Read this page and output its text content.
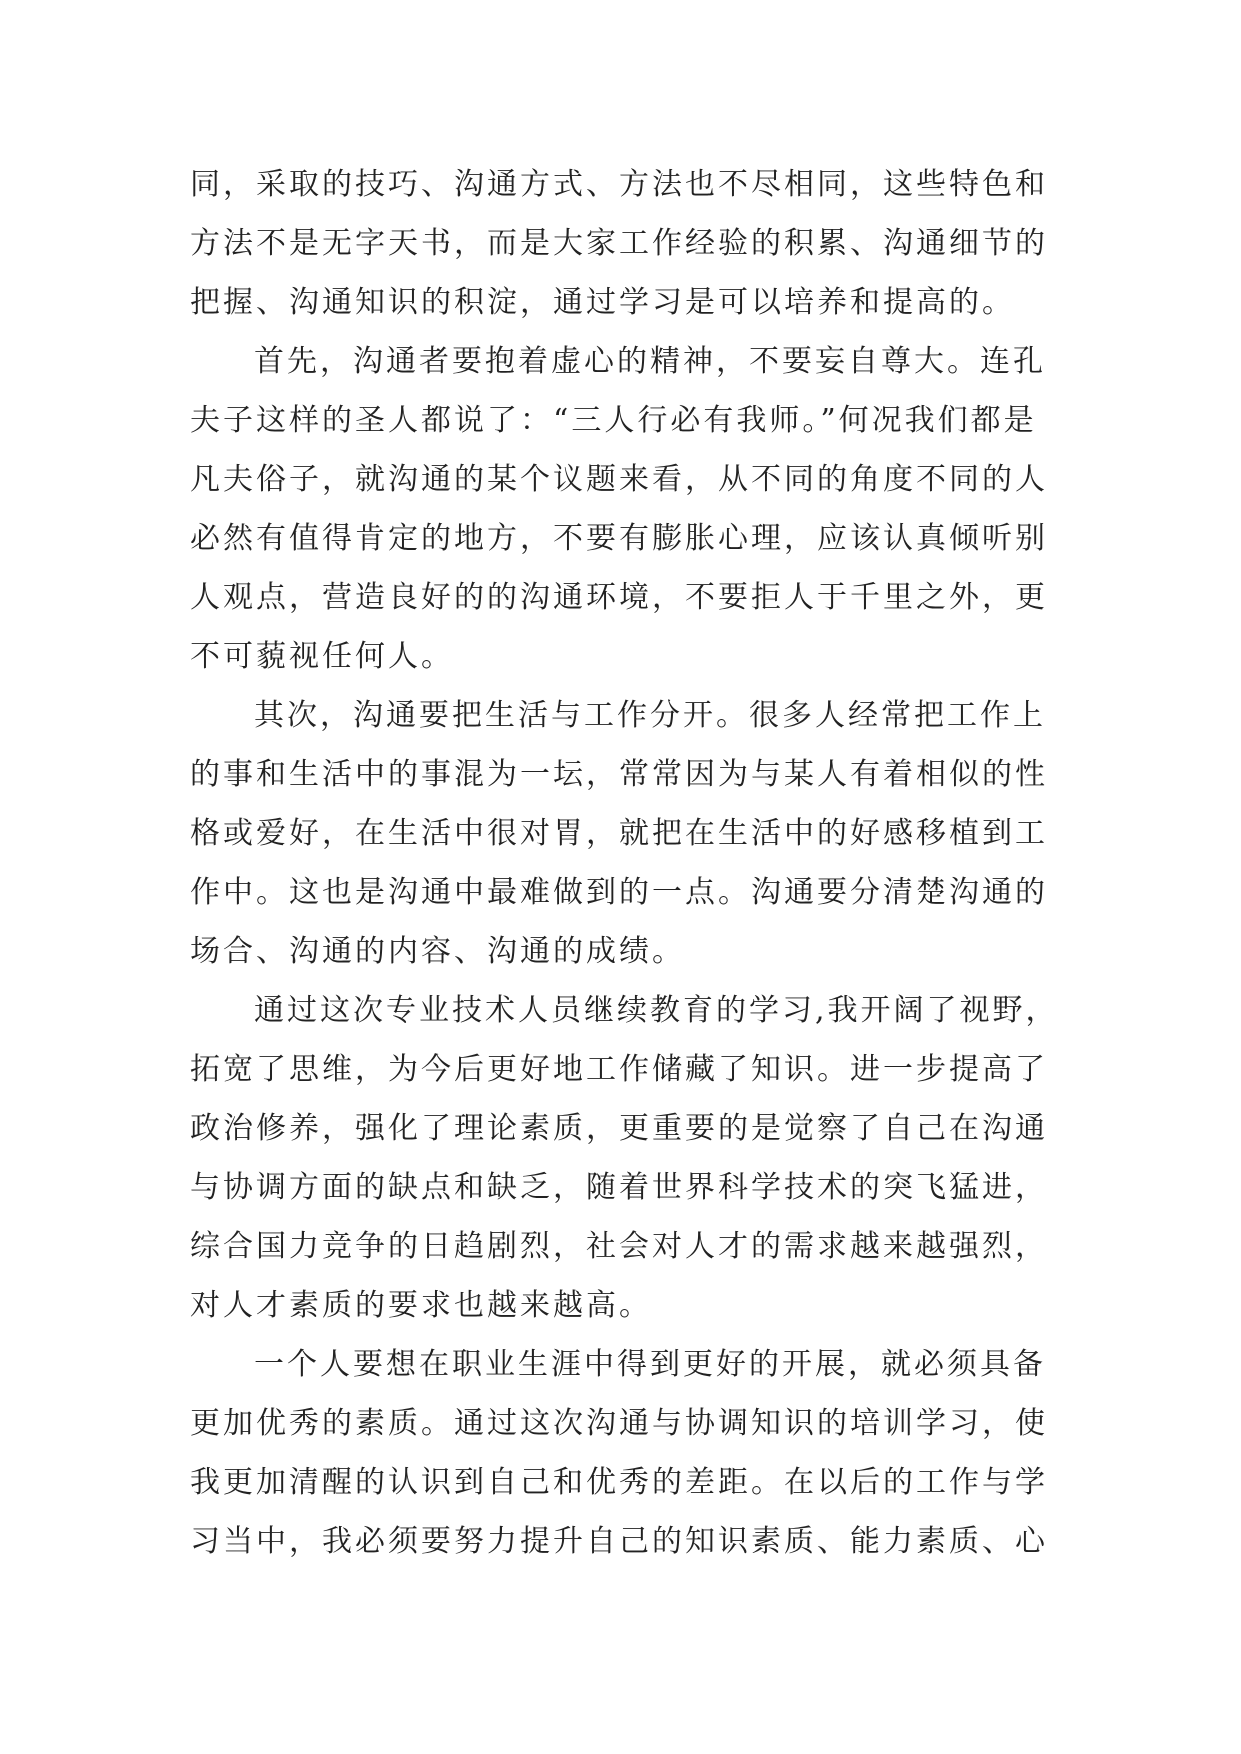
同，采取的技巧、沟通方式、方法也不尽相同，这些特色和
方法不是无字天书，而是大家工作经验的积累、沟通细节的
把握、沟通知识的积淀，通过学习是可以培养和提高的。
首先，沟通者要抱着虚心的精神，不要妄自尊大。连孔
夫子这样的圣人都说了：“三人行必有我师。”何况我们都是
凡夫俗子，就沟通的某个议题来看，从不同的角度不同的人
必然有值得肯定的地方，不要有膨胀心理，应该认真倾听别
人观点，营造良好的的沟通环境，不要拒人于千里之外，更
不可藐视任何人。
其次，沟通要把生活与工作分开。很多人经常把工作上
的事和生活中的事混为一坛，常常因为与某人有着相似的性
格或爱好，在生活中很对胃，就把在生活中的好感移植到工
作中。这也是沟通中最难做到的一点。沟通要分清楚沟通的
场合、沟通的内容、沟通的成绩。
通过这次专业技术人员继续教育的学习,我开阔了视野，
拓宽了思维，为今后更好地工作储藏了知识。进一步提高了
政治修养，强化了理论素质，更重要的是觉察了自己在沟通
与协调方面的缺点和缺乏，随着世界科学技术的突飞猛进，
综合国力竞争的日趋剧烈，社会对人才的需求越来越强烈，
对人才素质的要求也越来越高。
一个人要想在职业生涯中得到更好的开展，就必须具备
更加优秀的素质。通过这次沟通与协调知识的培训学习，使
我更加清醒的认识到自己和优秀的差距。在以后的工作与学
习当中，我必须要努力提升自己的知识素质、能力素质、心
